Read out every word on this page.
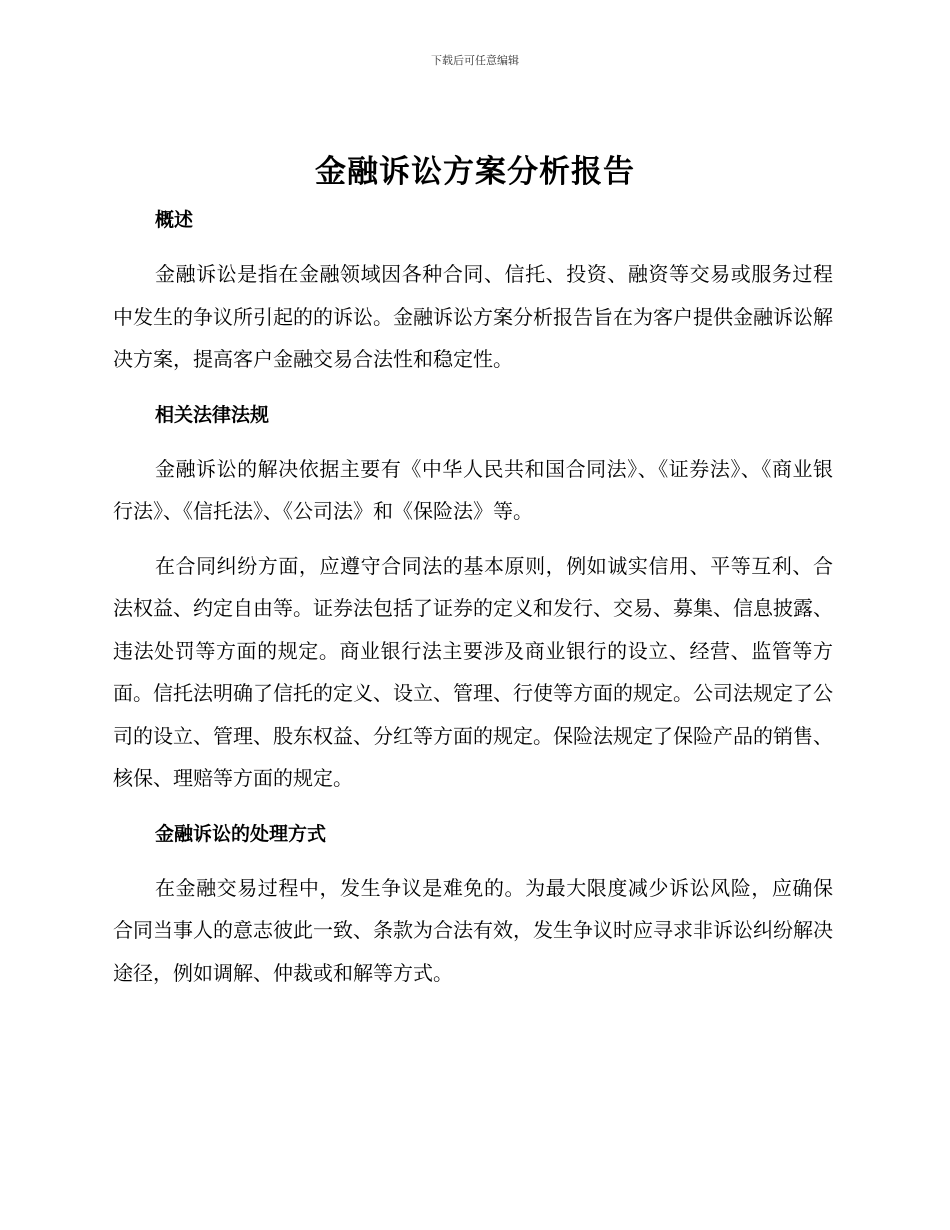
下载后可任意编辑
金融诉讼方案分析报告
概述

金融诉讼是指在金融领域因各种合同、信托、投资、融资等交易或服务过程中发生的争议所引起的的诉讼。金融诉讼方案分析报告旨在为客户提供金融诉讼解决方案，提高客户金融交易合法性和稳定性。

相关法律法规

金融诉讼的解决依据主要有《中华人民共和国合同法》、《证券法》、《商业银行法》、《信托法》、《公司法》和《保险法》等。

在合同纠纷方面，应遵守合同法的基本原则，例如诚实信用、平等互利、合法权益、约定自由等。证券法包括了证券的定义和发行、交易、募集、信息披露、违法处罚等方面的规定。商业银行法主要涉及商业银行的设立、经营、监管等方面。信托法明确了信托的定义、设立、管理、行使等方面的规定。公司法规定了公司的设立、管理、股东权益、分红等方面的规定。保险法规定了保险产品的销售、核保、理赔等方面的规定。

金融诉讼的处理方式

在金融交易过程中，发生争议是难免的。为最大限度减少诉讼风险，应确保合同当事人的意志彼此一致、条款为合法有效，发生争议时应寻求非诉讼纠纷解决途径，例如调解、仲裁或和解等方式。
